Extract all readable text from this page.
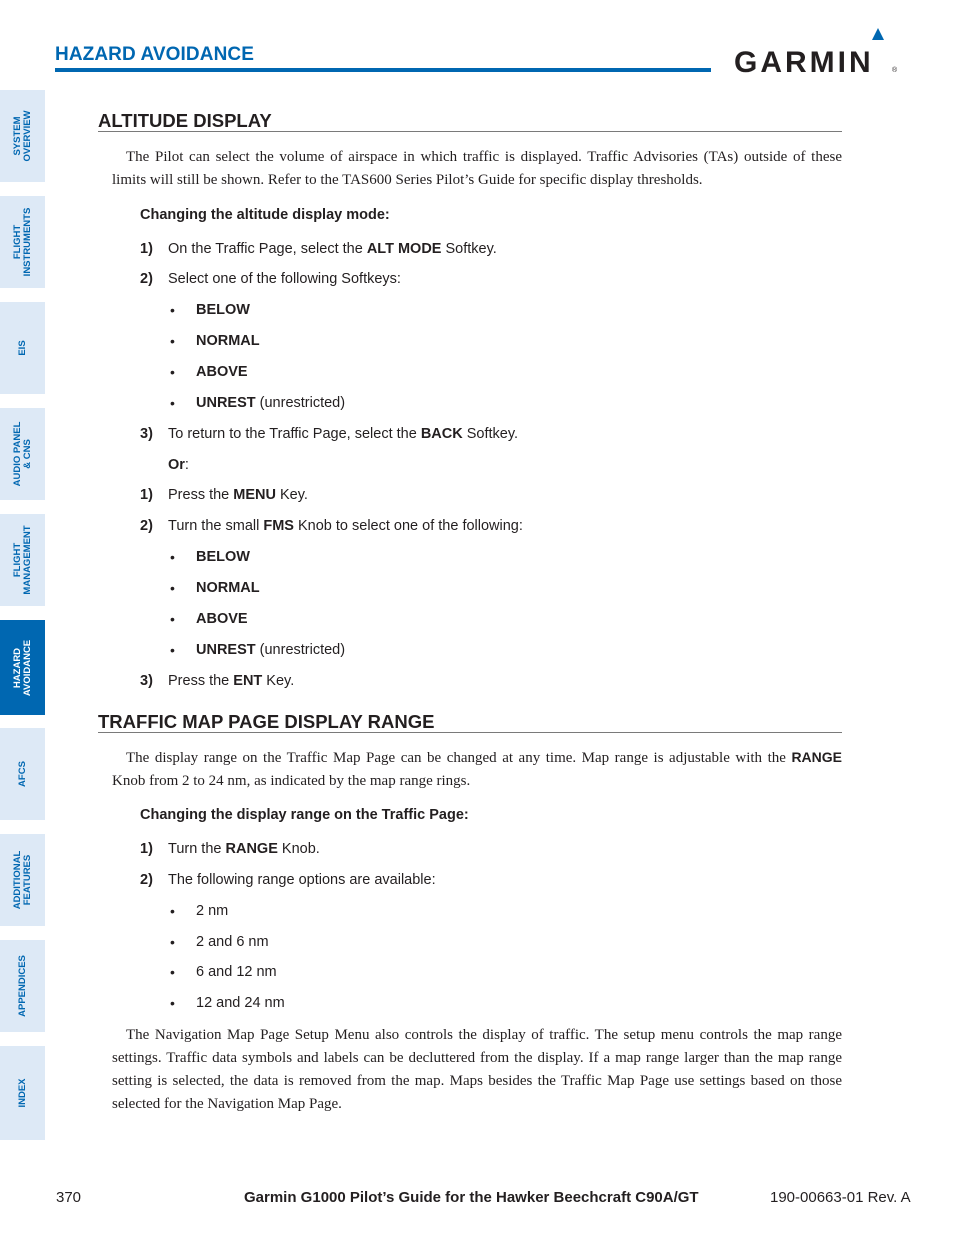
HAZARD AVOIDANCE	GARMIN	®
SYSTEM
OVERVIEW
FLIGHT
INSTRUMENTS
EIS
AUDIO PANEL
& CNS
FLIGHT
MANAGEMENT
HAZARD
AVOIDANCE
AFCS
ADDITIONAL
FEATURES
APPENDICES
INDEX
ALTITUDE DISPLAY

The Pilot can select the volume of airspace in which traffic is displayed. Traffic Advisories (TAs) outside of these limits will still be shown. Refer to the TAS600 Series Pilot’s Guide for specific display thresholds.

Changing the altitude display mode:
1) On the Traffic Page, select the ALT MODE Softkey.
2) Select one of the following Softkeys:
• BELOW
• NORMAL
• ABOVE
• UNREST (unrestricted)
3) To return to the Traffic Page, select the BACK Softkey.
Or:
1) Press the MENU Key.
2) Turn the small FMS Knob to select one of the following:
• BELOW
• NORMAL
• ABOVE
• UNREST (unrestricted)
3) Press the ENT Key.
TRAFFIC MAP PAGE DISPLAY RANGE

The display range on the Traffic Map Page can be changed at any time. Map range is adjustable with the RANGE Knob from 2 to 24 nm, as indicated by the map range rings.

Changing the display range on the Traffic Page:
1) Turn the RANGE Knob.
2) The following range options are available:
• 2 nm
• 2 and 6 nm
• 6 and 12 nm
• 12 and 24 nm

The Navigation Map Page Setup Menu also controls the display of traffic. The setup menu controls the map range settings. Traffic data symbols and labels can be decluttered from the display. If a map range larger than the map range setting is selected, the data is removed from the map. Maps besides the Traffic Map Page use settings based on those selected for the Navigation Map Page.

370	Garmin G1000 Pilot’s Guide for the Hawker Beechcraft C90A/GT	190-00663-01 Rev. A
